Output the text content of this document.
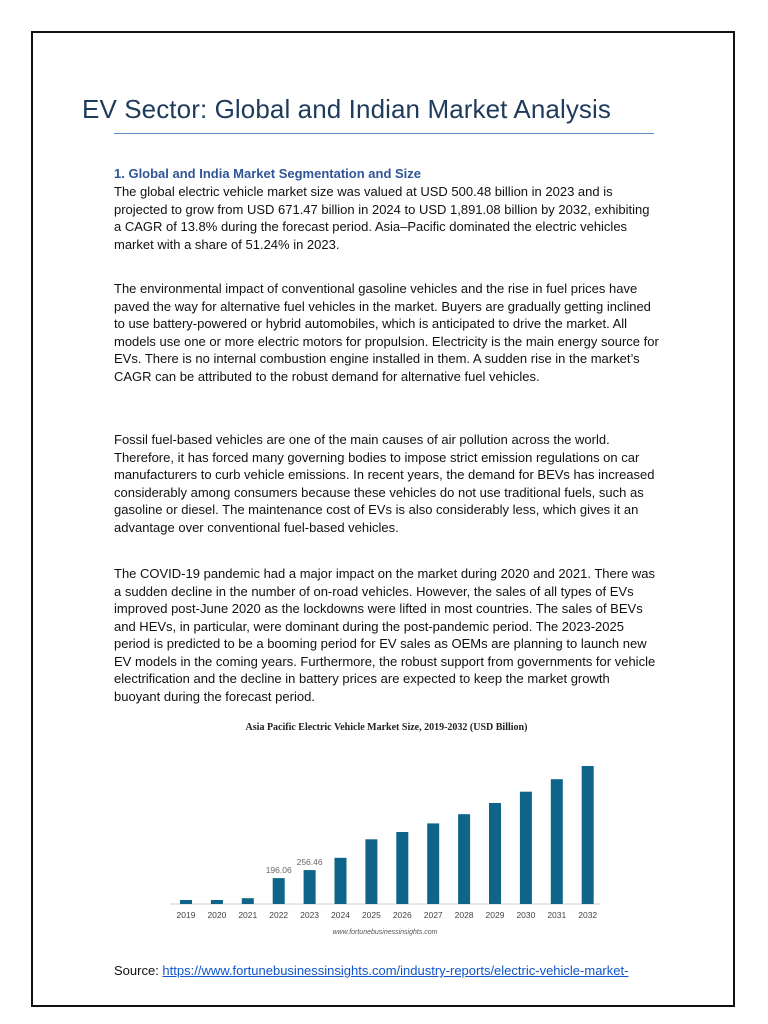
EV Sector: Global and Indian Market Analysis
1. Global and India Market Segmentation and Size
The global electric vehicle market size was valued at USD 500.48 billion in 2023 and is projected to grow from USD 671.47 billion in 2024 to USD 1,891.08 billion by 2032, exhibiting a CAGR of 13.8% during the forecast period. Asia–Pacific dominated the electric vehicles market with a share of 51.24% in 2023.
The environmental impact of conventional gasoline vehicles and the rise in fuel prices have paved the way for alternative fuel vehicles in the market. Buyers are gradually getting inclined to use battery-powered or hybrid automobiles, which is anticipated to drive the market. All models use one or more electric motors for propulsion. Electricity is the main energy source for EVs. There is no internal combustion engine installed in them. A sudden rise in the market’s CAGR can be attributed to the robust demand for alternative fuel vehicles.
Fossil fuel-based vehicles are one of the main causes of air pollution across the world. Therefore, it has forced many governing bodies to impose strict emission regulations on car manufacturers to curb vehicle emissions. In recent years, the demand for BEVs has increased considerably among consumers because these vehicles do not use traditional fuels, such as gasoline or diesel. The maintenance cost of EVs is also considerably less, which gives it an advantage over conventional fuel-based vehicles.
The COVID-19 pandemic had a major impact on the market during 2020 and 2021. There was a sudden decline in the number of on-road vehicles. However, the sales of all types of EVs improved post-June 2020 as the lockdowns were lifted in most countries. The sales of BEVs and HEVs, in particular, were dominant during the post-pandemic period. The 2023-2025 period is predicted to be a booming period for EV sales as OEMs are planning to launch new EV models in the coming years. Furthermore, the robust support from governments for vehicle electrification and the decline in battery prices are expected to keep the market growth buoyant during the forecast period.
Asia Pacific Electric Vehicle Market Size, 2019-2032 (USD Billion)
2019 2020 2021 2022
196.06
2023
256.46
2024 2025 2026 2027 2028 2029 2030 2031 2032
www.fortunebusinessinsights.com
Source: https://www.fortunebusinessinsights.com/industry-reports/electric-vehicle-market-
